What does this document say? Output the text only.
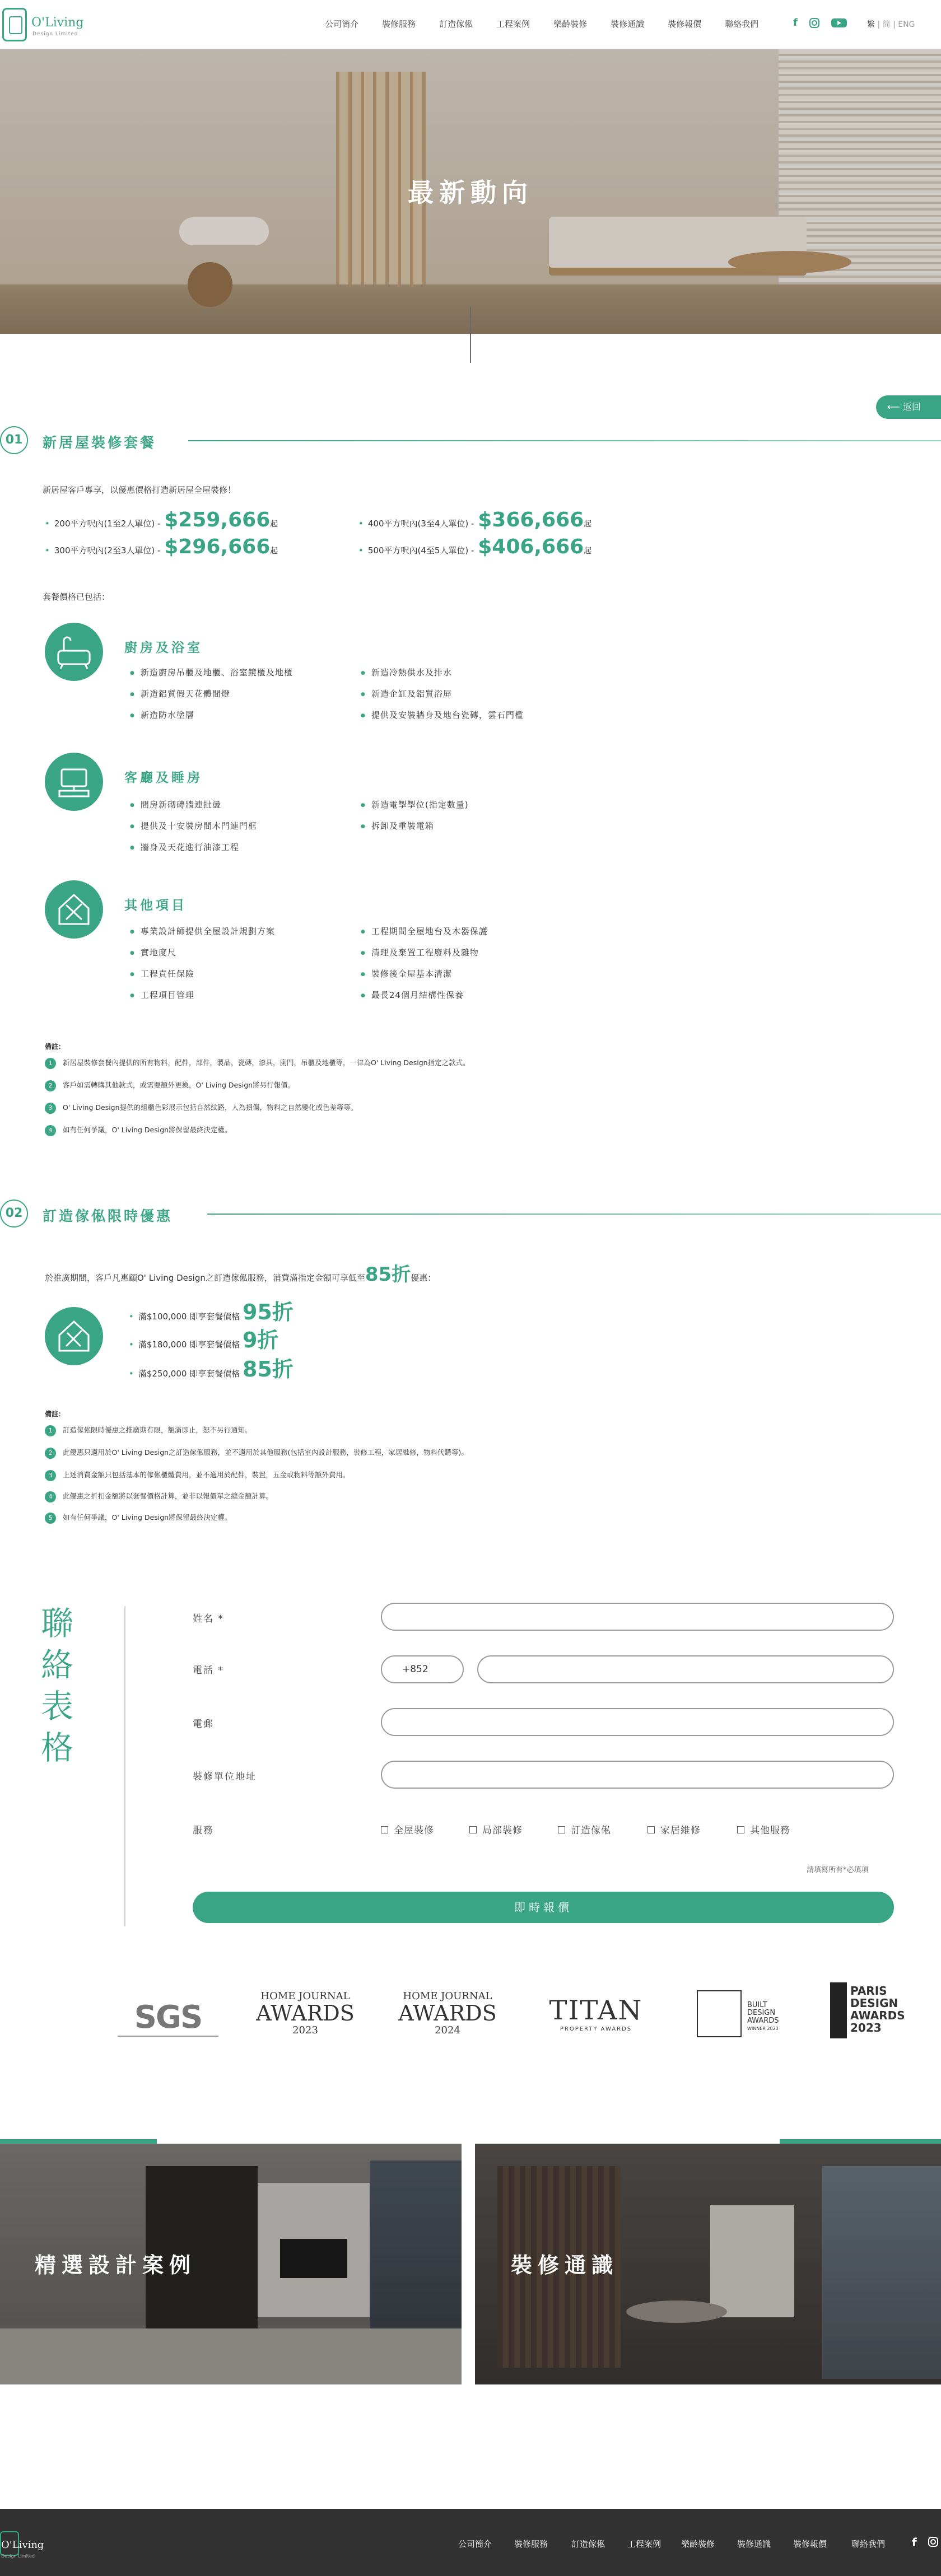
O'Living
Design Limited
公司簡介	裝修服務	訂造傢俬	工程案例	樂齡裝修	裝修通識	裝修報價	聯絡我們	f	繁 | 简 | ENG
最新動向
⟵ 返回
01	新居屋裝修套餐
新居屋客戶專享，以優惠價格打造新居屋全屋裝修！
• 200平方呎內(1至2人單位) - $259,666起	• 400平方呎內(3至4人單位) - $366,666起
• 300平方呎內(2至3人單位) - $296,666起	• 500平方呎內(4至5人單位) - $406,666起
套餐價格已包括：
廚房及浴室
● 新造廚房吊櫃及地櫃、浴室鏡櫃及地櫃
● 新造鋁質假天花體間燈
● 新造防水塗層
● 新造冷熱供水及排水
● 新造企缸及鋁質浴屏
● 提供及安裝牆身及地台瓷磚，雲石門檻
客廳及睡房
● 間房新砌磚牆連批盪
● 提供及十安裝房間木門連門框
● 牆身及天花進行油漆工程
● 新造電掣掣位(指定數量)
● 拆卸及重裝電箱
其他項目
● 專業設計師提供全屋設計規劃方案
● 實地度尺
● 工程責任保險
● 工程項目管理
● 工程期間全屋地台及木器保護
● 清理及棄置工程廢料及雜物
● 裝修後全屋基本清潔
● 最長24個月結構性保養
備註：
1 新居屋裝修套餐內提供的所有物料，配件，部件，製品，瓷磚，漆具，廁門，吊櫃及地櫃等，一律為O' Living Design指定之款式。
2 客戶如需轉購其他款式，或需要額外更換，O' Living Design將另行報價。
3 O' Living Design提供的組櫃色彩展示包括自然紋路，人為損傷，物料之自然變化或色差等等。
4 如有任何爭議，O' Living Design將保留最終決定權。
02	訂造傢俬限時優惠
於推廣期間，客戶凡惠顧O' Living Design之訂造傢俬服務，消費滿指定金額可享低至85折優惠：
• 滿$100,000 即享套餐價格 95折
• 滿$180,000 即享套餐價格 9折
• 滿$250,000 即享套餐價格 85折
備註：
1 訂造傢俬限時優惠之推廣期有限，額滿即止，恕不另行通知。
2 此優惠只適用於O' Living Design之訂造傢俬服務，並不適用於其他服務(包括室內設計服務，裝修工程，家居維修，物料代購等)。
3 上述消費金額只包括基本的傢俬櫃體費用，並不適用於配件，裝置，五金或物料等額外費用。
4 此優惠之折扣金額將以套餐價格計算，並非以報價單之總金額計算。
5 如有任何爭議，O' Living Design將保留最終決定權。
聯
絡
表
格
姓名 *
電話 *	+852
電郵
裝修單位地址
服務	全屋裝修	局部裝修	訂造傢俬	家居維修	其他服務
請填寫所有*必填項
即時報價
SGS
HOME JOURNAL
AWARDS
2023
HOME JOURNAL
AWARDS
2024
TITAN
PROPERTY AWARDS
BUILT
DESIGN
AWARDS
WINNER 2023
PARIS
DESIGN
AWARDS
2023
精選設計案例	裝修通識
O'Living
Design Limited
公司簡介	裝修服務	訂造傢俬	工程案例 樂齡裝修	裝修通識	裝修報價	聯絡我們 f
